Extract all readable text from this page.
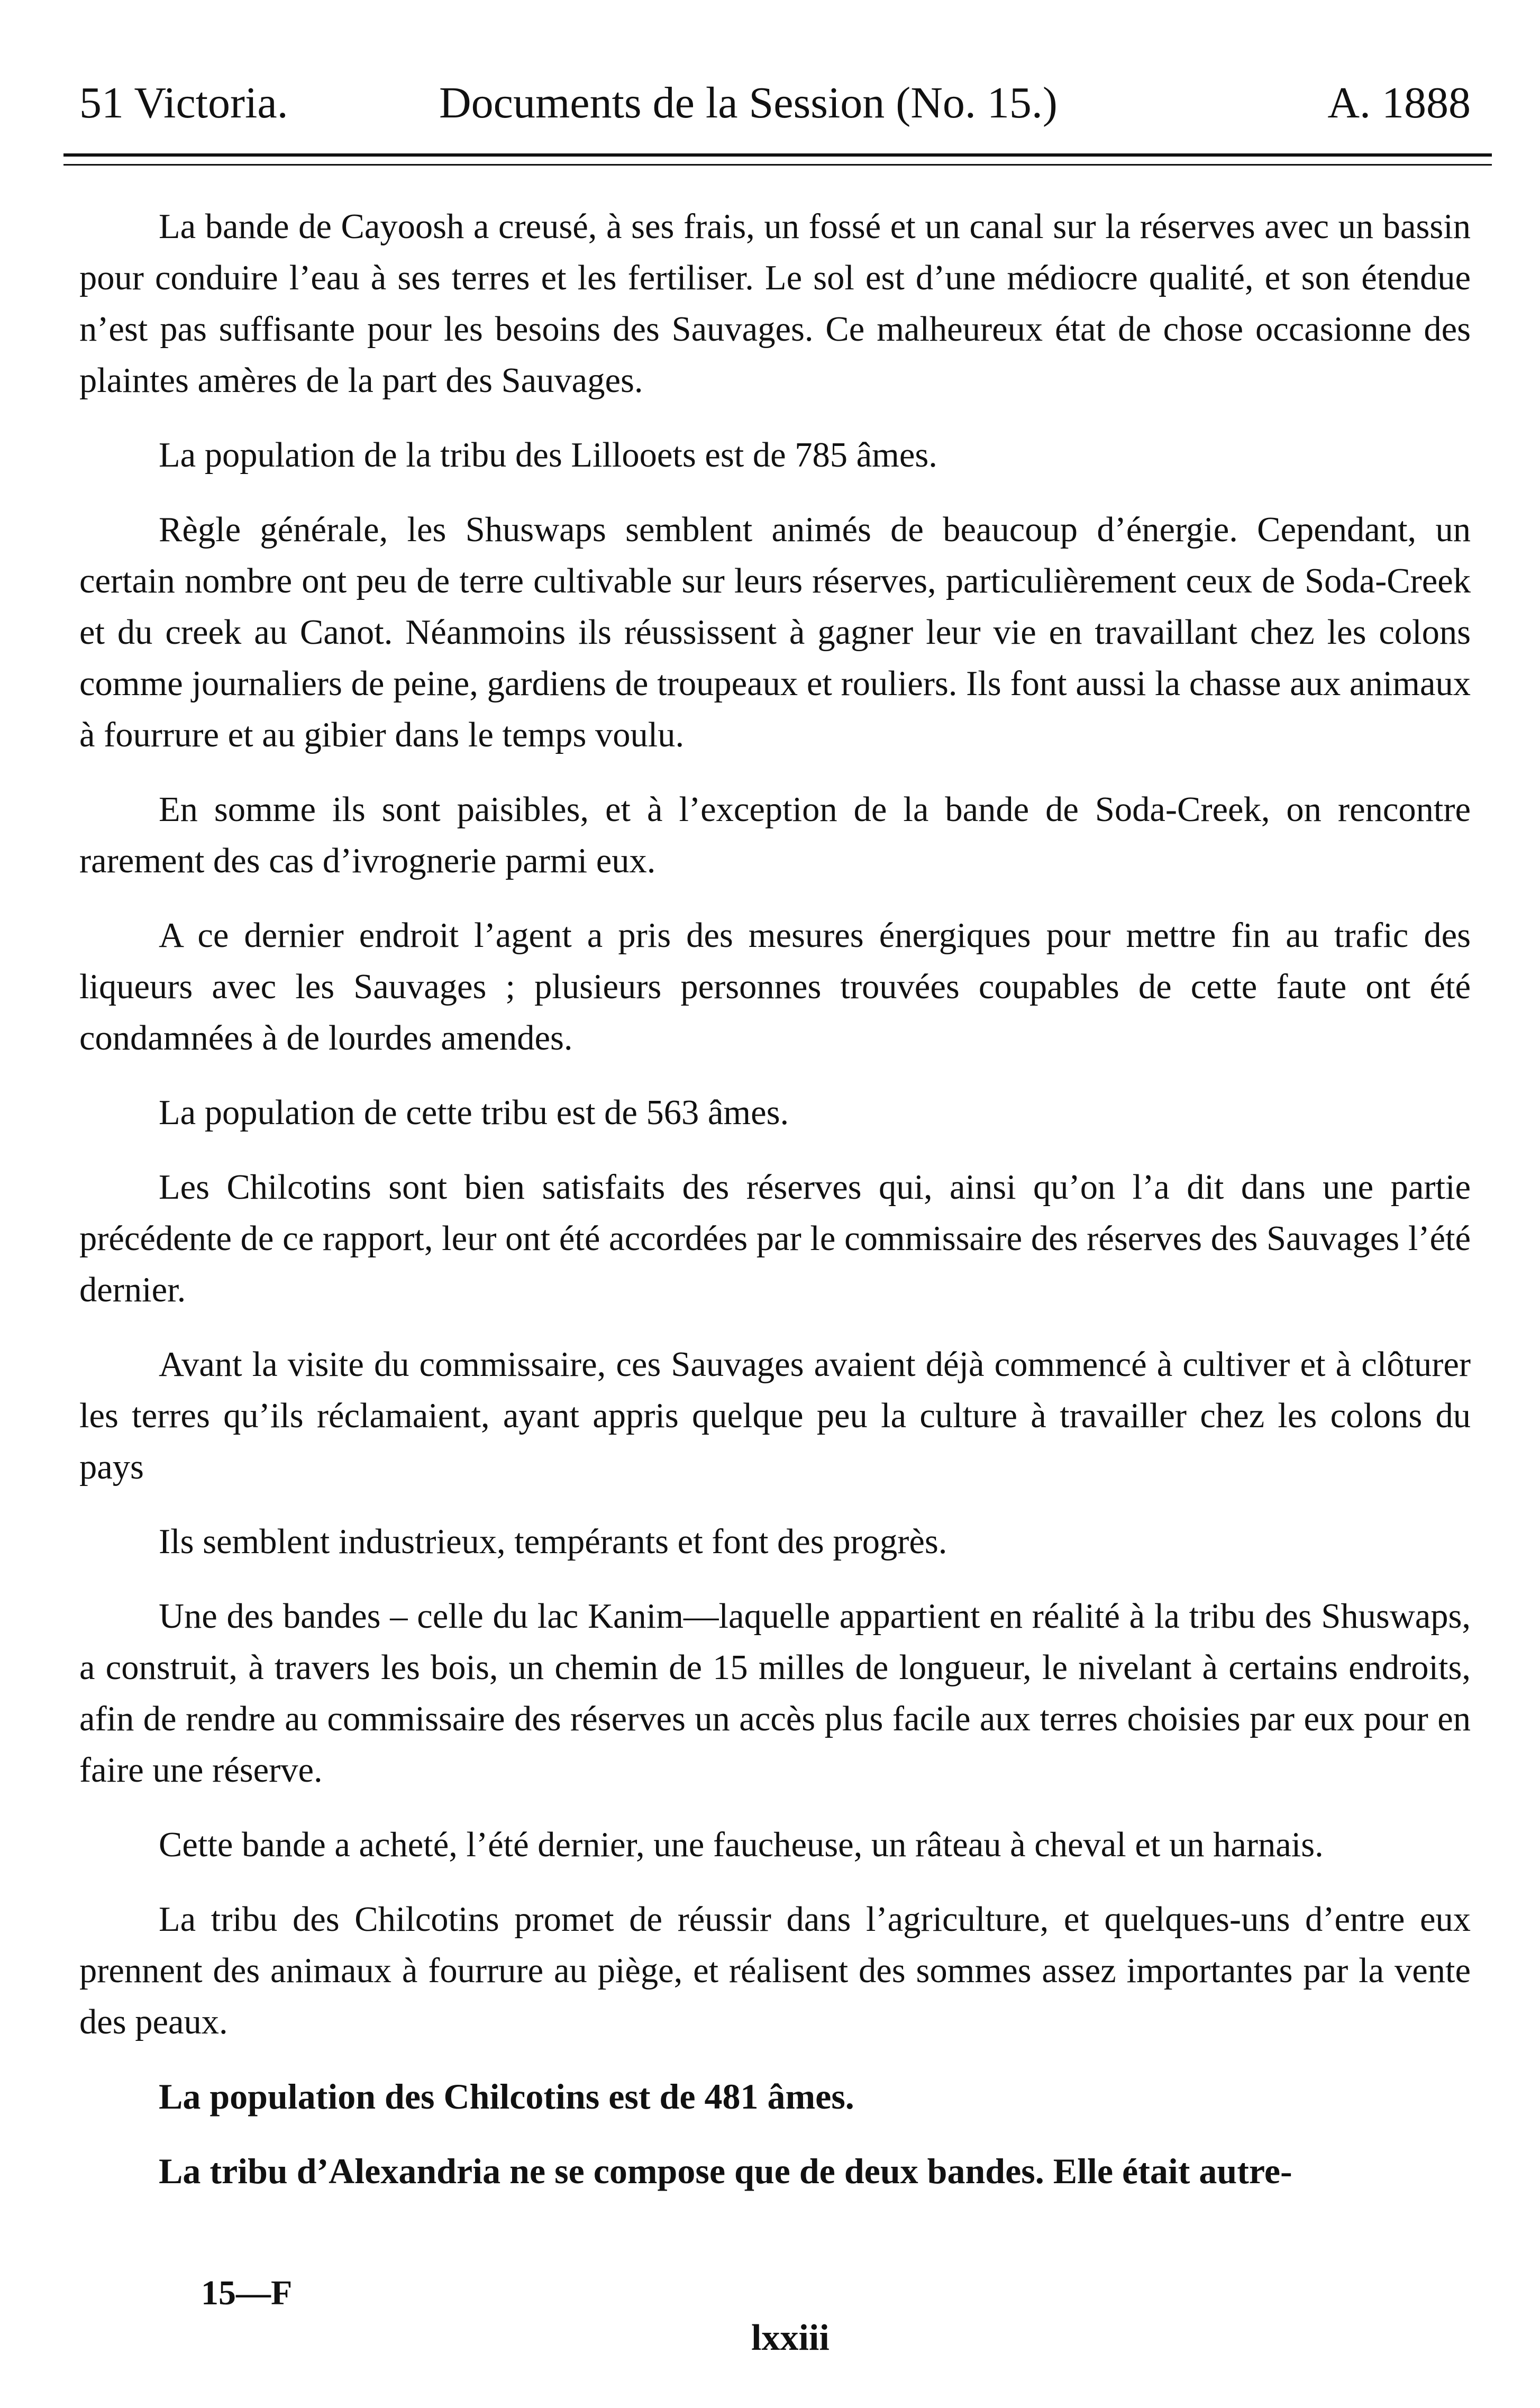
51 Victoria.	Documents de la Session (No. 15.)	A. 1888

La bande de Cayoosh a creusé, à ses frais, un fossé et un canal sur la réserves avec un bassin pour conduire l’eau à ses terres et les fertiliser. Le sol est d’une médiocre qualité, et son étendue n’est pas suffisante pour les besoins des Sauvages. Ce malheureux état de chose occasionne des plaintes amères de la part des Sauvages.

La population de la tribu des Lillooets est de 785 âmes.

Règle générale, les Shuswaps semblent animés de beaucoup d’énergie. Cependant, un certain nombre ont peu de terre cultivable sur leurs réserves, particulièrement ceux de Soda-Creek et du creek au Canot. Néanmoins ils réussissent à gagner leur vie en travaillant chez les colons comme journaliers de peine, gardiens de troupeaux et rouliers. Ils font aussi la chasse aux animaux à fourrure et au gibier dans le temps voulu.

En somme ils sont paisibles, et à l’exception de la bande de Soda-Creek, on rencontre rarement des cas d’ivrognerie parmi eux.

A ce dernier endroit l’agent a pris des mesures énergiques pour mettre fin au trafic des liqueurs avec les Sauvages ; plusieurs personnes trouvées coupables de cette faute ont été condamnées à de lourdes amendes.

La population de cette tribu est de 563 âmes.

Les Chilcotins sont bien satisfaits des réserves qui, ainsi qu’on l’a dit dans une partie précédente de ce rapport, leur ont été accordées par le commissaire des réserves des Sauvages l’été dernier.

Avant la visite du commissaire, ces Sauvages avaient déjà commencé à cultiver et à clôturer les terres qu’ils réclamaient, ayant appris quelque peu la culture à travailler chez les colons du pays

Ils semblent industrieux, tempérants et font des progrès.

Une des bandes – celle du lac Kanim—laquelle appartient en réalité à la tribu des Shuswaps, a construit, à travers les bois, un chemin de 15 milles de longueur, le nivelant à certains endroits, afin de rendre au commissaire des réserves un accès plus facile aux terres choisies par eux pour en faire une réserve.

Cette bande a acheté, l’été dernier, une faucheuse, un râteau à cheval et un harnais.

La tribu des Chilcotins promet de réussir dans l’agriculture, et quelques-uns d’entre eux prennent des animaux à fourrure au piège, et réalisent des sommes assez importantes par la vente des peaux.

La population des Chilcotins est de 481 âmes.

La tribu d’Alexandria ne se compose que de deux bandes. Elle était autre-

15—F
lxxiii
